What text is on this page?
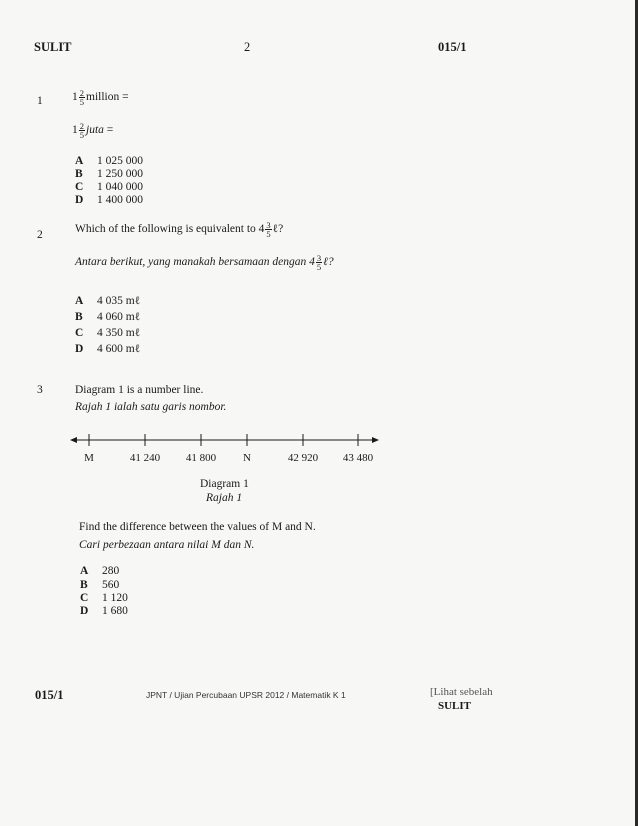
SULIT	2	015/1
1	$1 \frac{2}{5}$ million =
$1 \frac{2}{5}$ juta =
A 1 025 000
B 1 250 000
C 1 040 000
D 1 400 000
2	Which of the following is equivalent to $4 \frac{3}{5}$ ℓ?
Antara berikut, yang manakah bersamaan dengan $4 \frac{3}{5}$ ℓ?
A 4 035 mℓ
B 4 060 mℓ
C 4 350 mℓ
D 4 600 mℓ
3	Diagram 1 is a number line.
Rajah 1 ialah satu garis nombor.
M	41 240 41 800 N	42 920 43 480
Diagram 1
Rajah 1
Find the difference between the values of M and N.
Cari perbezaan antara nilai M dan N.
A 280
B 560
C 1 120
D 1 680
015/1	JPNT / Ujian Percubaan UPSR 2012 / Matematik K 1	[Lihat sebelah
SULIT
